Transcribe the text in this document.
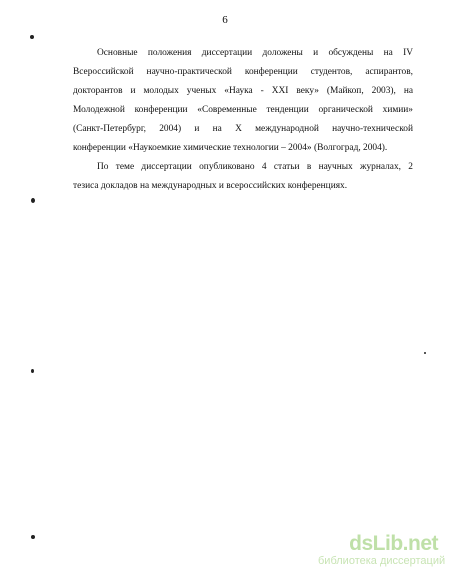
6

Основные положения диссертации доложены и обсуждены на IV
Всероссийской научно-практической конференции студентов, аспирантов,
докторантов и молодых ученых «Наука - XXI веку» (Майкоп, 2003), на
Молодежной конференции «Современные тенденции органической химии»
(Санкт-Петербург, 2004) и на X международной научно-технической
конференции «Наукоемкие химические технологии – 2004» (Волгоград, 2004).

По теме диссертации опубликовано 4 статьи в научных журналах, 2
тезиса докладов на международных и всероссийских конференциях.

dsLib.net
библиотека диссертаций
